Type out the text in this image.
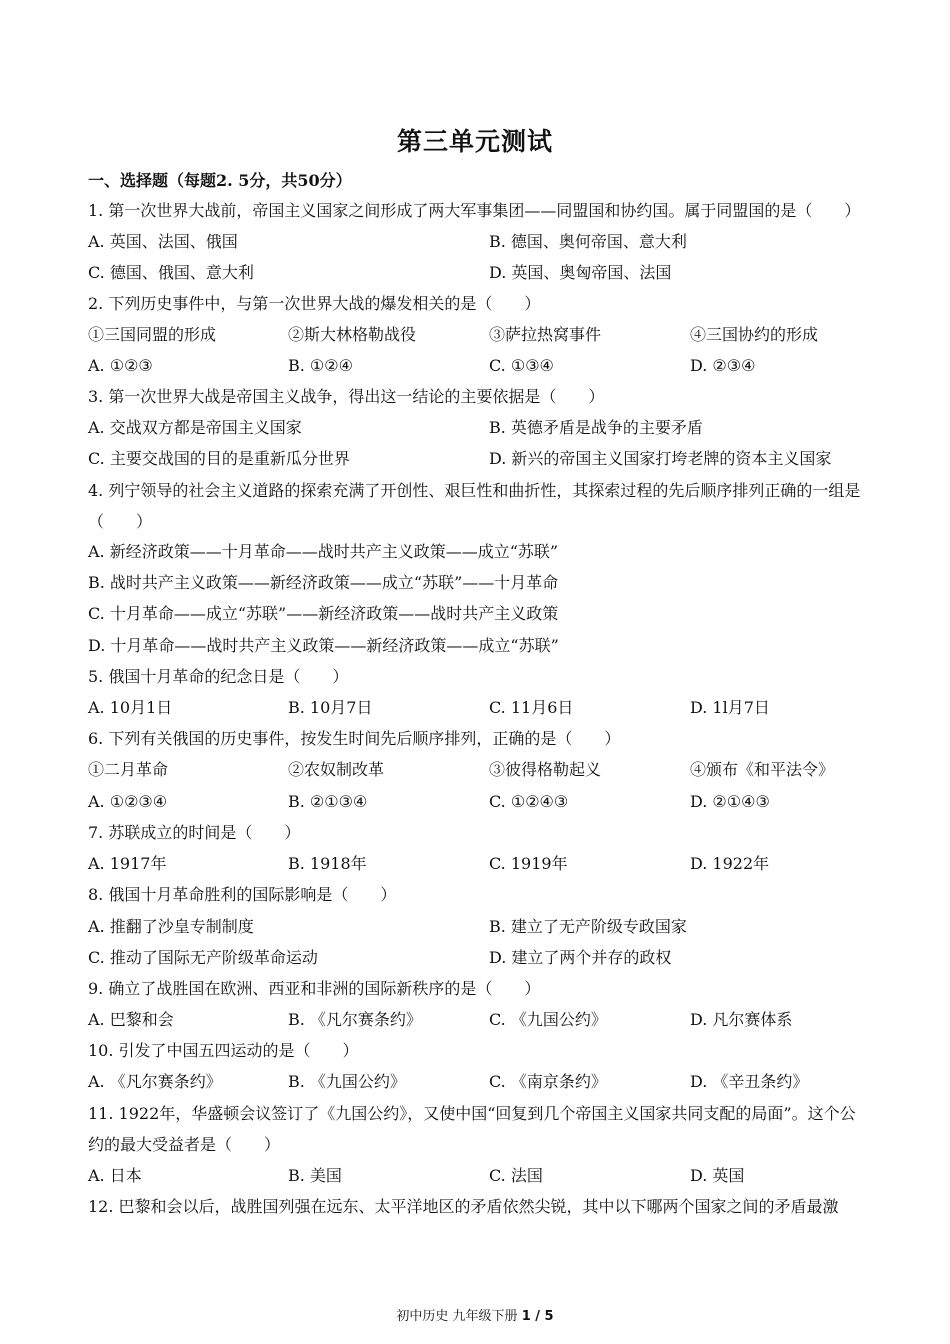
第三单元测试
一、选择题（每题2. 5分，共50分）
1. 第一次世界大战前，帝国主义国家之间形成了两大军事集团——同盟国和协约国。属于同盟国的是（　　）
A. 英国、法国、俄国	B. 德国、奥何帝国、意大利
C. 德国、俄国、意大利	D. 英国、奥匈帝国、法国
2. 下列历史事件中，与第一次世界大战的爆发相关的是（　　）
①三国同盟的形成	②斯大林格勒战役	③萨拉热窝事件	④三国协约的形成
A. ①②③	B. ①②④	C. ①③④	D. ②③④
3. 第一次世界大战是帝国主义战争，得出这一结论的主要依据是（　　）
A. 交战双方都是帝国主义国家	B. 英德矛盾是战争的主要矛盾
C. 主要交战国的目的是重新瓜分世界	D. 新兴的帝国主义国家打垮老牌的资本主义国家
4. 列宁领导的社会主义道路的探索充满了开创性、艰巨性和曲折性，其探索过程的先后顺序排列正确的一组是（　　）
A. 新经济政策——十月革命——战时共产主义政策——成立“苏联”
B. 战时共产主义政策——新经济政策——成立“苏联”——十月革命
C. 十月革命——成立“苏联”——新经济政策——战时共产主义政策
D. 十月革命——战时共产主义政策——新经济政策——成立“苏联”
5. 俄国十月革命的纪念日是（　　）
A. 10月1日	B. 10月7日	C. 11月6日	D. 1l月7日
6. 下列有关俄国的历史事件，按发生时间先后顺序排列，正确的是（　　）
①二月革命	②农奴制改革	③彼得格勒起义	④颁布《和平法令》
A. ①②③④	B. ②①③④	C. ①②④③	D. ②①④③
7. 苏联成立的时间是（　　）
A. 1917年	B. 1918年	C. 1919年	D. 1922年
8. 俄国十月革命胜利的国际影响是（　　）
A. 推翻了沙皇专制制度	B. 建立了无产阶级专政国家
C. 推动了国际无产阶级革命运动	D. 建立了两个并存的政权
9. 确立了战胜国在欧洲、西亚和非洲的国际新秩序的是（　　）
A. 巴黎和会	B. 《凡尔赛条约》	C. 《九国公约》	D. 凡尔赛体系
10. 引发了中国五四运动的是（　　）
A. 《凡尔赛条约》	B. 《九国公约》	C. 《南京条约》	D. 《辛丑条约》
11. 1922年，华盛顿会议签订了《九国公约》，又使中国“回复到几个帝国主义国家共同支配的局面”。这个公约的最大受益者是（　　）
A. 日本	B. 美国	C. 法国	D. 英国
12. 巴黎和会以后，战胜国列强在远东、太平洋地区的矛盾依然尖锐，其中以下哪两个国家之间的矛盾最激
初中历史 九年级下册 1 / 5
